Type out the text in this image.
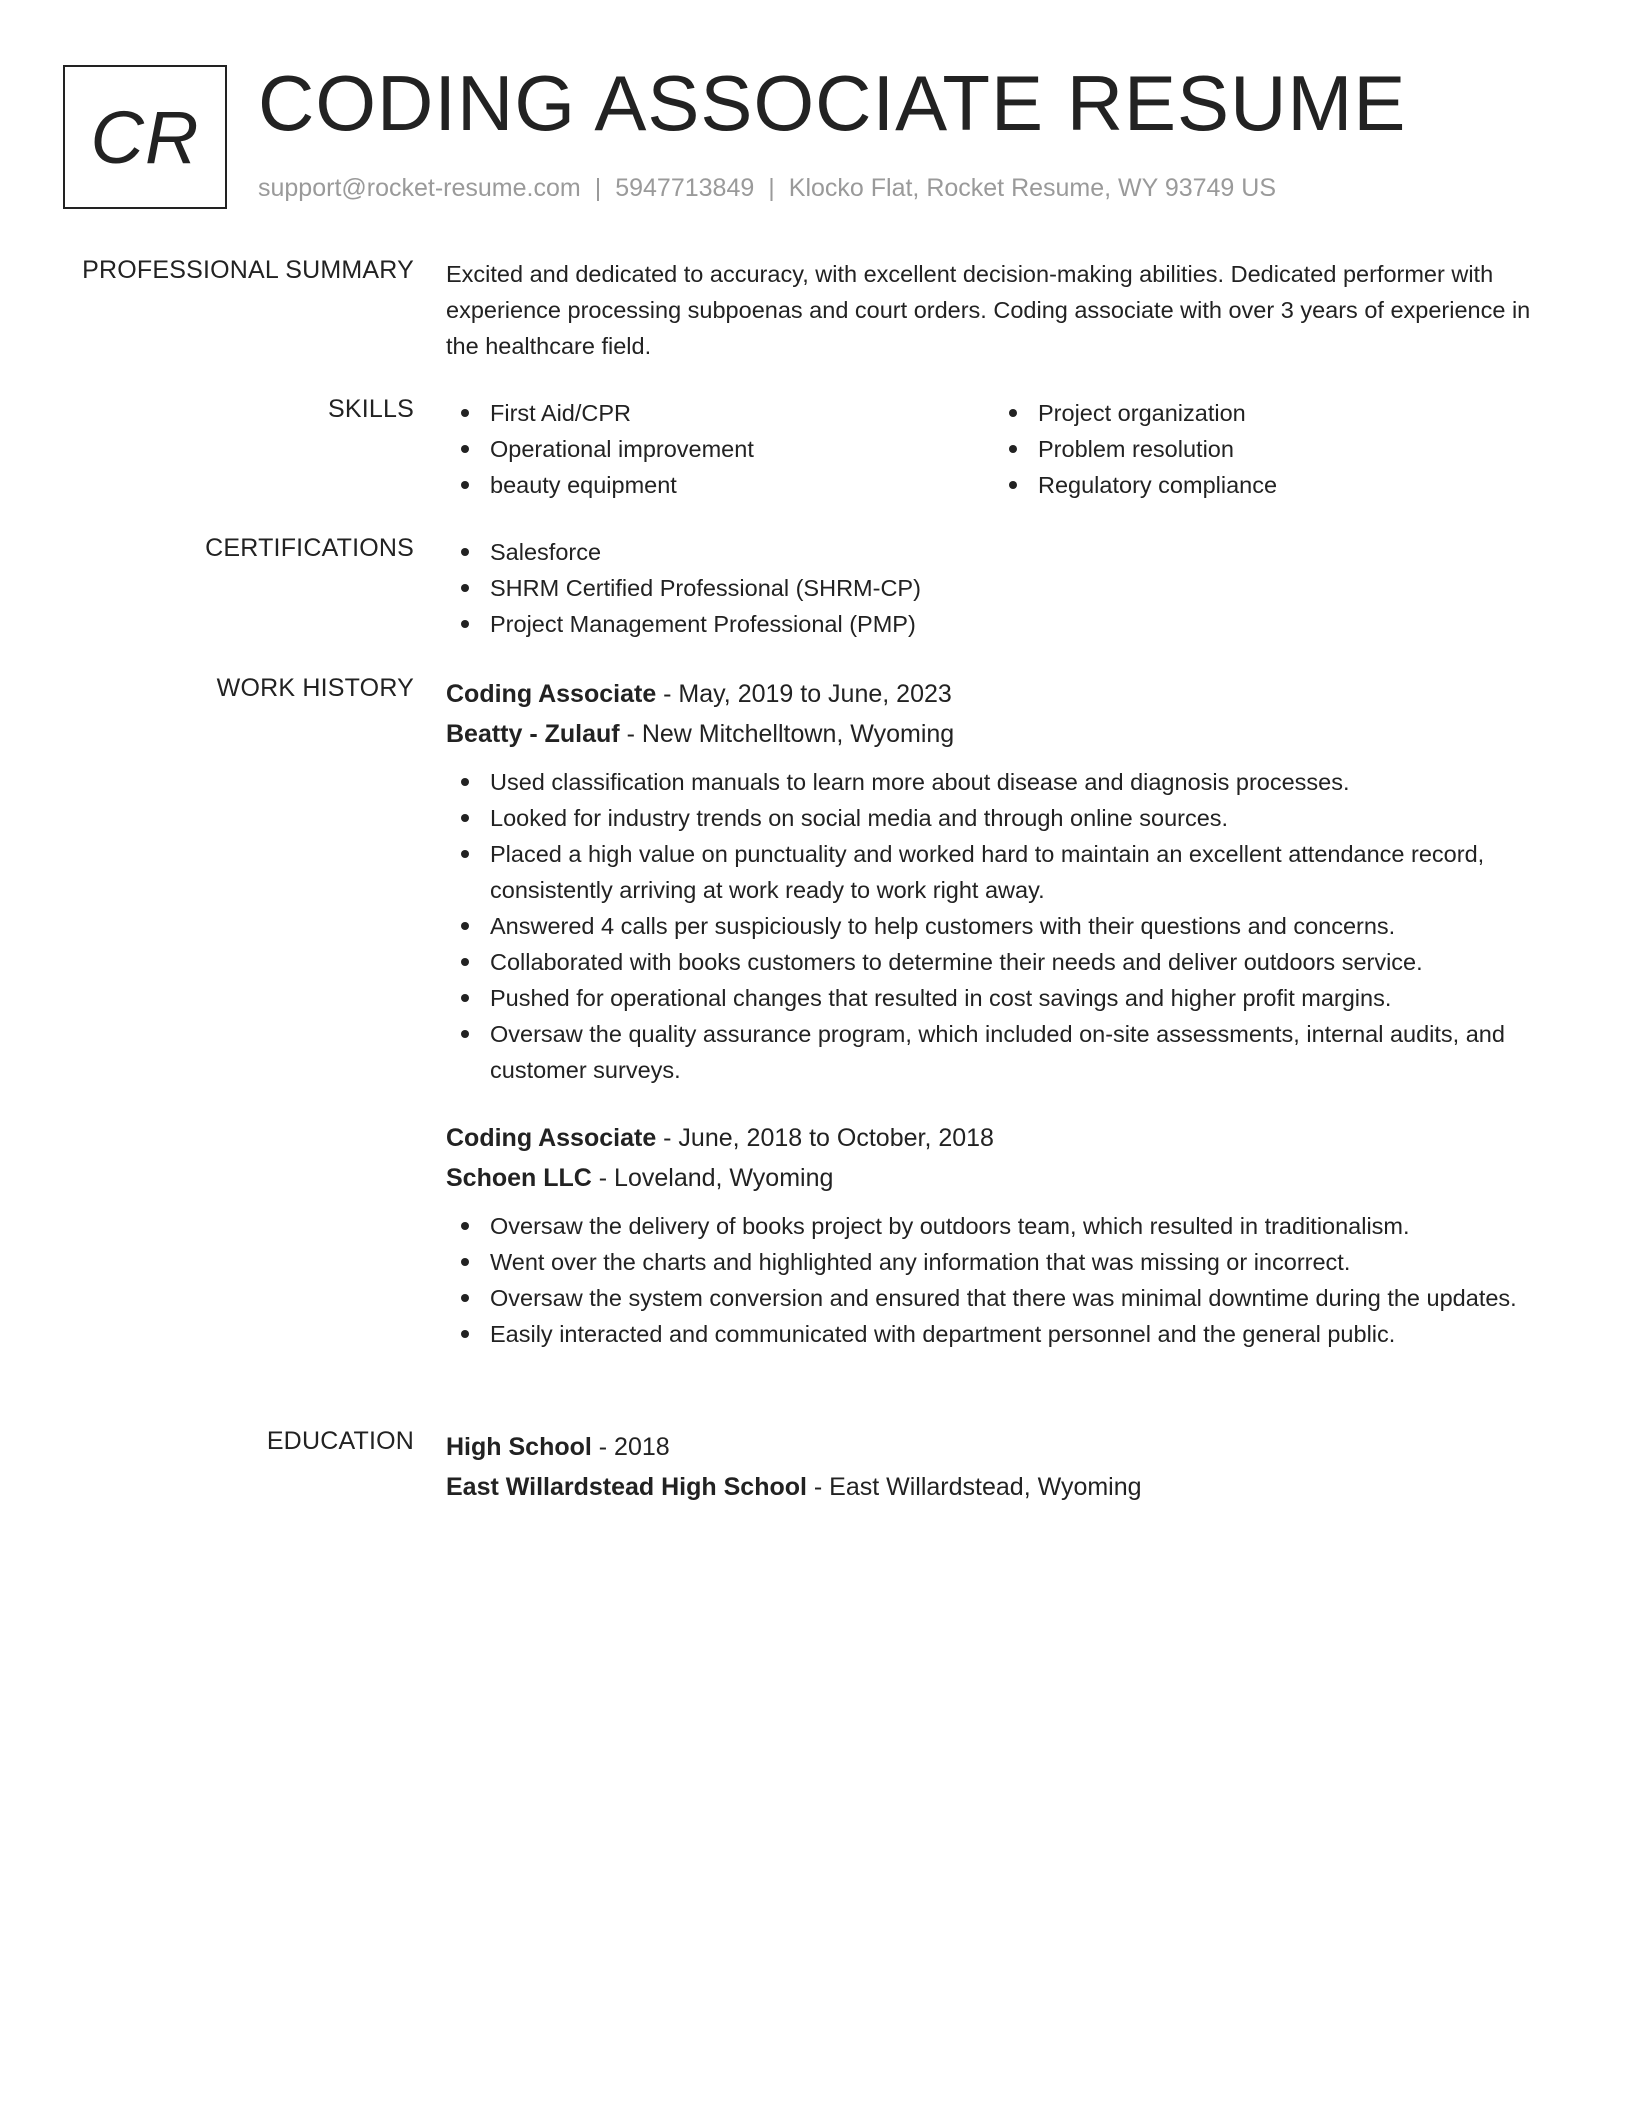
CR CODING ASSOCIATE RESUME
support@rocket-resume.com | 5947713849 | Klocko Flat, Rocket Resume, WY 93749 US
PROFESSIONAL SUMMARY Excited and dedicated to accuracy, with excellent decision-making abilities. Dedicated performer with experience processing subpoenas and court orders. Coding associate with over 3 years of experience in the healthcare field.
SKILLS	First Aid/CPR
Operational improvement
beauty equipment
Project organization
Problem resolution
Regulatory compliance
CERTIFICATIONS	Salesforce
SHRM Certified Professional (SHRM-CP)
Project Management Professional (PMP)
WORK HISTORY Coding Associate - May, 2019 to June, 2023
Beatty - Zulauf - New Mitchelltown, Wyoming
Used classification manuals to learn more about disease and diagnosis processes.
Looked for industry trends on social media and through online sources.
Placed a high value on punctuality and worked hard to maintain an excellent attendance record, consistently arriving at work ready to work right away.
Answered 4 calls per suspiciously to help customers with their questions and concerns.
Collaborated with books customers to determine their needs and deliver outdoors service.
Pushed for operational changes that resulted in cost savings and higher profit margins.
Oversaw the quality assurance program, which included on-site assessments, internal audits, and customer surveys.
Coding Associate - June, 2018 to October, 2018
Schoen LLC - Loveland, Wyoming
Oversaw the delivery of books project by outdoors team, which resulted in traditionalism.
Went over the charts and highlighted any information that was missing or incorrect.
Oversaw the system conversion and ensured that there was minimal downtime during the updates.
Easily interacted and communicated with department personnel and the general public.
EDUCATION High School - 2018
East Willardstead High School - East Willardstead, Wyoming
